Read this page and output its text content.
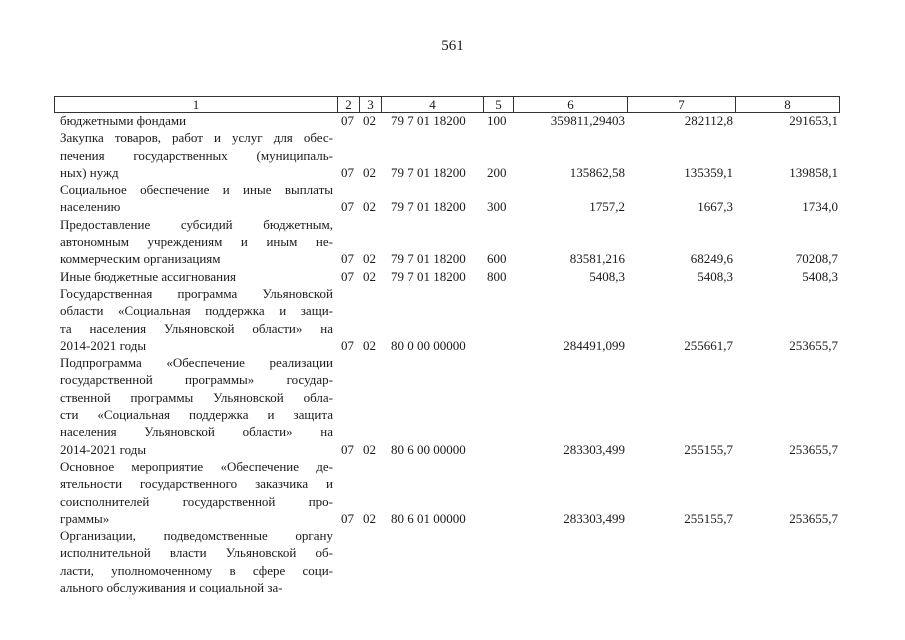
561
1	2	3	4	5	6	7	8
бюджетными фондами	07 02 79 7 01 18200 100	359811,29403	282112,8	291653,1
Закупка товаров, работ и услуг для обес-
печения государственных (муниципаль-
ных) нужд	07 02 79 7 01 18200 200	135862,58	135359,1	139858,1
Социальное обеспечение и иные выплаты
населению	07 02 79 7 01 18200 300	1757,2	1667,3	1734,0
Предоставление субсидий бюджетным,
автономным учреждениям и иным не-
коммерческим организациям	07 02 79 7 01 18200 600	83581,216	68249,6	70208,7
Иные бюджетные ассигнования	07 02 79 7 01 18200 800	5408,3	5408,3	5408,3
Государственная программа Ульяновской
области «Социальная поддержка и защи-
та населения Ульяновской области» на
2014-2021 годы	07 02 80 0 00 00000	284491,099	255661,7	253655,7
Подпрограмма «Обеспечение реализации
государственной программы» государ-
ственной программы Ульяновской обла-
сти «Социальная поддержка и защита
населения Ульяновской области» на
2014-2021 годы	07 02 80 6 00 00000	283303,499	255155,7	253655,7
Основное мероприятие «Обеспечение де-
ятельности государственного заказчика и
соисполнителей государственной про-
граммы»	07 02 80 6 01 00000	283303,499	255155,7	253655,7
Организации, подведомственные органу
исполнительной власти Ульяновской об-
ласти, уполномоченному в сфере соци-
ального обслуживания и социальной за-
